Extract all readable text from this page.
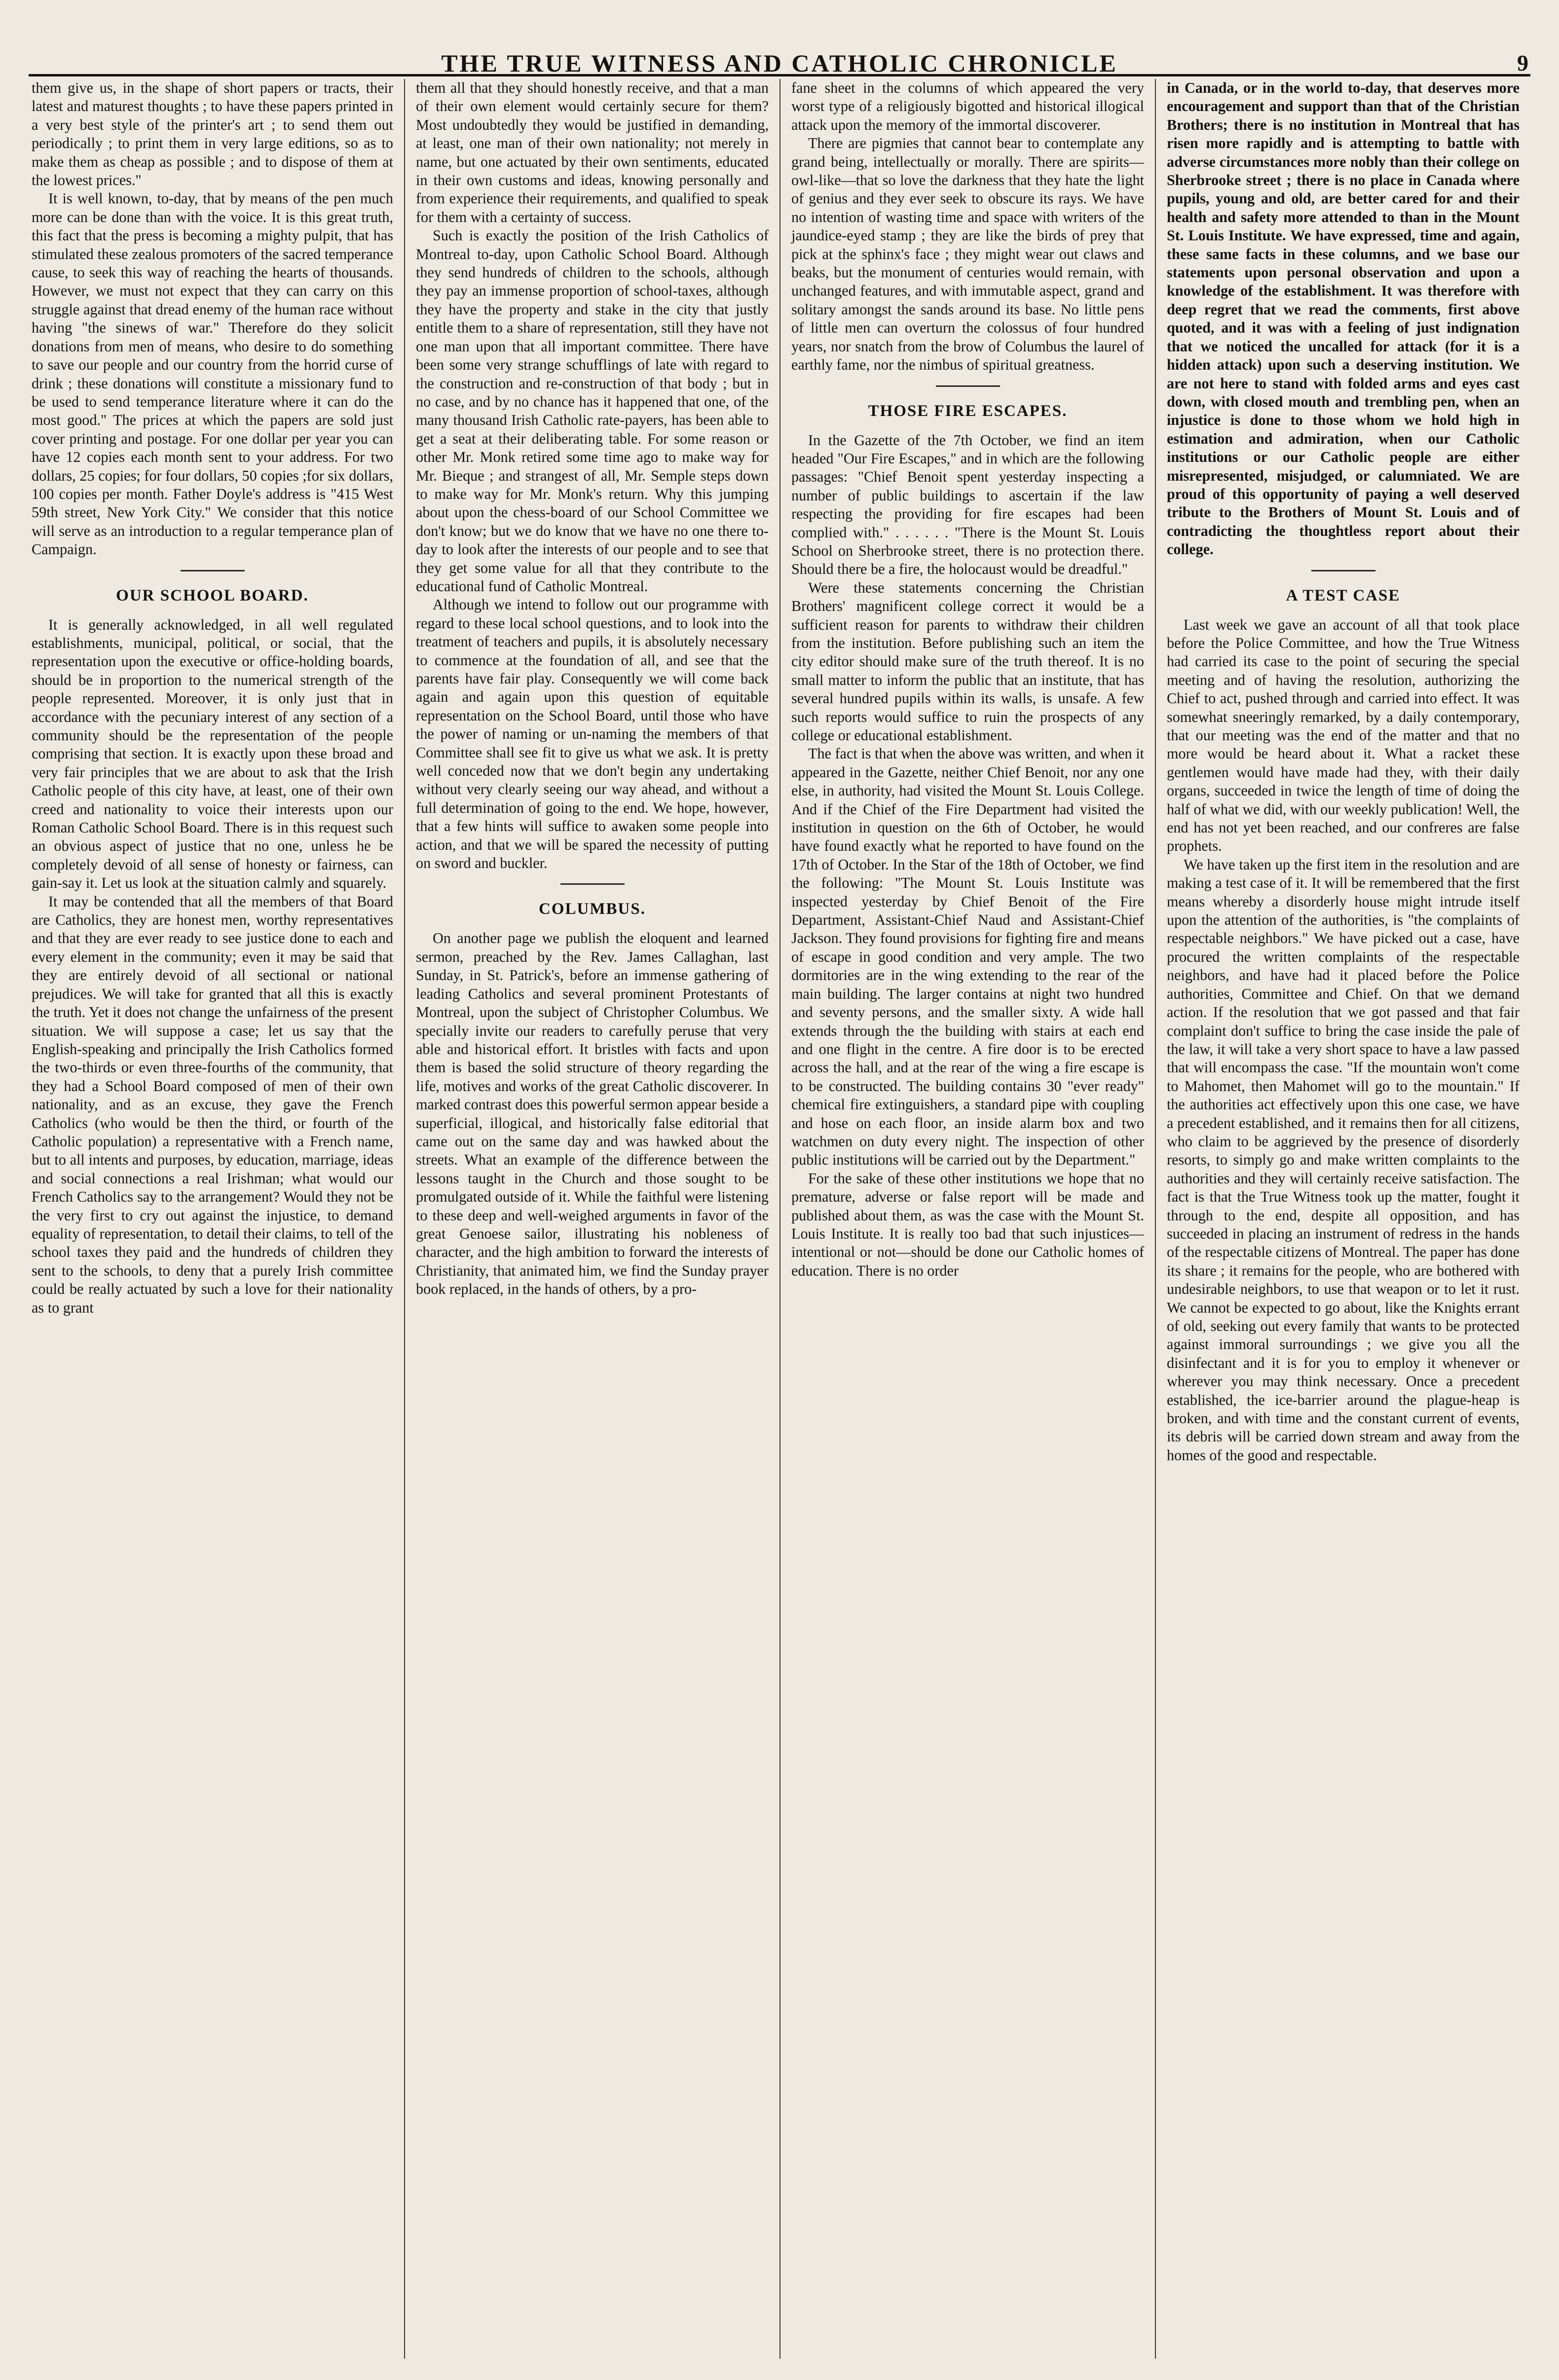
THE TRUE WITNESS AND CATHOLIC CHRONICLE	9

them give us, in the shape of short papers or tracts, their latest and maturest thoughts ; to have these papers printed in a very best style of the printer's art ; to send them out periodically ; to print them in very large editions, so as to make them as cheap as possible ; and to dispose of them at the lowest prices."

It is well known, to-day, that by means of the pen much more can be done than with the voice. It is this great truth, this fact that the press is becoming a mighty pulpit, that has stimulated these zealous promoters of the sacred temperance cause, to seek this way of reaching the hearts of thousands. However, we must not expect that they can carry on this struggle against that dread enemy of the human race without having "the sinews of war." Therefore do they solicit donations from men of means, who desire to do something to save our people and our country from the horrid curse of drink ; these donations will constitute a missionary fund to be used to send temperance literature where it can do the most good." The prices at which the papers are sold just cover printing and postage. For one dollar per year you can have 12 copies each month sent to your address. For two dollars, 25 copies; for four dollars, 50 copies ;for six dollars, 100 copies per month. Father Doyle's address is "415 West 59th street, New York City." We consider that this notice will serve as an introduction to a regular temperance plan of Campaign.

OUR SCHOOL BOARD.

It is generally acknowledged, in all well regulated establishments, municipal, political, or social, that the representation upon the executive or office-holding boards, should be in proportion to the numerical strength of the people represented. Moreover, it is only just that in accordance with the pecuniary interest of any section of a community should be the representation of the people comprising that section. It is exactly upon these broad and very fair principles that we are about to ask that the Irish Catholic people of this city have, at least, one of their own creed and nationality to voice their interests upon our Roman Catholic School Board. There is in this request such an obvious aspect of justice that no one, unless he be completely devoid of all sense of honesty or fairness, can gain-say it. Let us look at the situation calmly and squarely.

It may be contended that all the members of that Board are Catholics, they are honest men, worthy representatives and that they are ever ready to see justice done to each and every element in the community; even it may be said that they are entirely devoid of all sectional or national prejudices. We will take for granted that all this is exactly the truth. Yet it does not change the unfairness of the present situation. We will suppose a case; let us say that the English-speaking and principally the Irish Catholics formed the two-thirds or even three-fourths of the community, that they had a School Board composed of men of their own nationality, and as an excuse, they gave the French Catholics (who would be then the third, or fourth of the Catholic population) a representative with a French name, but to all intents and purposes, by education, marriage, ideas and social connections a real Irishman; what would our French Catholics say to the arrangement? Would they not be the very first to cry out against the injustice, to demand equality of representation, to detail their claims, to tell of the school taxes they paid and the hundreds of children they sent to the schools, to deny that a purely Irish committee could be really actuated by such a love for their nationality as to grant

them all that they should honestly receive, and that a man of their own element would certainly secure for them? Most undoubtedly they would be justified in demanding, at least, one man of their own nationality; not merely in name, but one actuated by their own sentiments, educated in their own customs and ideas, knowing personally and from experience their requirements, and qualified to speak for them with a certainty of success.

Such is exactly the position of the Irish Catholics of Montreal to-day, upon Catholic School Board. Although they send hundreds of children to the schools, although they pay an immense proportion of school-taxes, although they have the property and stake in the city that justly entitle them to a share of representation, still they have not one man upon that all important committee. There have been some very strange schufflings of late with regard to the construction and re-construction of that body ; but in no case, and by no chance has it happened that one, of the many thousand Irish Catholic rate-payers, has been able to get a seat at their deliberating table. For some reason or other Mr. Monk retired some time ago to make way for Mr. Bieque ; and strangest of all, Mr. Semple steps down to make way for Mr. Monk's return. Why this jumping about upon the chess-board of our School Committee we don't know; but we do know that we have no one there to-day to look after the interests of our people and to see that they get some value for all that they contribute to the educational fund of Catholic Montreal.

Although we intend to follow out our programme with regard to these local school questions, and to look into the treatment of teachers and pupils, it is absolutely necessary to commence at the foundation of all, and see that the parents have fair play. Consequently we will come back again and again upon this question of equitable representation on the School Board, until those who have the power of naming or un-naming the members of that Committee shall see fit to give us what we ask. It is pretty well conceded now that we don't begin any undertaking without very clearly seeing our way ahead, and without a full determination of going to the end. We hope, however, that a few hints will suffice to awaken some people into action, and that we will be spared the necessity of putting on sword and buckler.

COLUMBUS.

On another page we publish the eloquent and learned sermon, preached by the Rev. James Callaghan, last Sunday, in St. Patrick's, before an immense gathering of leading Catholics and several prominent Protestants of Montreal, upon the subject of Christopher Columbus. We specially invite our readers to carefully peruse that very able and historical effort. It bristles with facts and upon them is based the solid structure of theory regarding the life, motives and works of the great Catholic discoverer. In marked contrast does this powerful sermon appear beside a superficial, illogical, and historically false editorial that came out on the same day and was hawked about the streets. What an example of the difference between the lessons taught in the Church and those sought to be promulgated outside of it. While the faithful were listening to these deep and well-weighed arguments in favor of the great Genoese sailor, illustrating his nobleness of character, and the high ambition to forward the interests of Christianity, that animated him, we find the Sunday prayer book replaced, in the hands of others, by a pro-

fane sheet in the columns of which appeared the very worst type of a religiously bigotted and historical illogical attack upon the memory of the immortal discoverer.

There are pigmies that cannot bear to contemplate any grand being, intellectually or morally. There are spirits—owl-like—that so love the darkness that they hate the light of genius and they ever seek to obscure its rays. We have no intention of wasting time and space with writers of the jaundice-eyed stamp ; they are like the birds of prey that pick at the sphinx's face ; they might wear out claws and beaks, but the monument of centuries would remain, with unchanged features, and with immutable aspect, grand and solitary amongst the sands around its base. No little pens of little men can overturn the colossus of four hundred years, nor snatch from the brow of Columbus the laurel of earthly fame, nor the nimbus of spiritual greatness.

THOSE FIRE ESCAPES.

In the Gazette of the 7th October, we find an item headed "Our Fire Escapes," and in which are the following passages: "Chief Benoit spent yesterday inspecting a number of public buildings to ascertain if the law respecting the providing for fire escapes had been complied with." . . . . . . "There is the Mount St. Louis School on Sherbrooke street, there is no protection there. Should there be a fire, the holocaust would be dreadful."

Were these statements concerning the Christian Brothers' magnificent college correct it would be a sufficient reason for parents to withdraw their children from the institution. Before publishing such an item the city editor should make sure of the truth thereof. It is no small matter to inform the public that an institute, that has several hundred pupils within its walls, is unsafe. A few such reports would suffice to ruin the prospects of any college or educational establishment.

The fact is that when the above was written, and when it appeared in the Gazette, neither Chief Benoit, nor any one else, in authority, had visited the Mount St. Louis College. And if the Chief of the Fire Department had visited the institution in question on the 6th of October, he would have found exactly what he reported to have found on the 17th of October. In the Star of the 18th of October, we find the following: "The Mount St. Louis Institute was inspected yesterday by Chief Benoit of the Fire Department, Assistant-Chief Naud and Assistant-Chief Jackson. They found provisions for fighting fire and means of escape in good condition and very ample. The two dormitories are in the wing extending to the rear of the main building. The larger contains at night two hundred and seventy persons, and the smaller sixty. A wide hall extends through the the building with stairs at each end and one flight in the centre. A fire door is to be erected across the hall, and at the rear of the wing a fire escape is to be constructed. The building contains 30 "ever ready" chemical fire extinguishers, a standard pipe with coupling and hose on each floor, an inside alarm box and two watchmen on duty every night. The inspection of other public institutions will be carried out by the Department."

For the sake of these other institutions we hope that no premature, adverse or false report will be made and published about them, as was the case with the Mount St. Louis Institute. It is really too bad that such injustices—intentional or not—should be done our Catholic homes of education. There is no order

in Canada, or in the world to-day, that deserves more encouragement and support than that of the Christian Brothers; there is no institution in Montreal that has risen more rapidly and is attempting to battle with adverse circumstances more nobly than their college on Sherbrooke street ; there is no place in Canada where pupils, young and old, are better cared for and their health and safety more attended to than in the Mount St. Louis Institute. We have expressed, time and again, these same facts in these columns, and we base our statements upon personal observation and upon a knowledge of the establishment. It was therefore with deep regret that we read the comments, first above quoted, and it was with a feeling of just indignation that we noticed the uncalled for attack (for it is a hidden attack) upon such a deserving institution. We are not here to stand with folded arms and eyes cast down, with closed mouth and trembling pen, when an injustice is done to those whom we hold high in estimation and admiration, when our Catholic institutions or our Catholic people are either misrepresented, misjudged, or calumniated. We are proud of this opportunity of paying a well deserved tribute to the Brothers of Mount St. Louis and of contradicting the thoughtless report about their college.

A TEST CASE

Last week we gave an account of all that took place before the Police Committee, and how the True Witness had carried its case to the point of securing the special meeting and of having the resolution, authorizing the Chief to act, pushed through and carried into effect. It was somewhat sneeringly remarked, by a daily contemporary, that our meeting was the end of the matter and that no more would be heard about it. What a racket these gentlemen would have made had they, with their daily organs, succeeded in twice the length of time of doing the half of what we did, with our weekly publication! Well, the end has not yet been reached, and our confreres are false prophets.

We have taken up the first item in the resolution and are making a test case of it. It will be remembered that the first means whereby a disorderly house might intrude itself upon the attention of the authorities, is "the complaints of respectable neighbors." We have picked out a case, have procured the written complaints of the respectable neighbors, and have had it placed before the Police authorities, Committee and Chief. On that we demand action. If the resolution that we got passed and that fair complaint don't suffice to bring the case inside the pale of the law, it will take a very short space to have a law passed that will encompass the case. "If the mountain won't come to Mahomet, then Mahomet will go to the mountain." If the authorities act effectively upon this one case, we have a precedent established, and it remains then for all citizens, who claim to be aggrieved by the presence of disorderly resorts, to simply go and make written complaints to the authorities and they will certainly receive satisfaction. The fact is that the True Witness took up the matter, fought it through to the end, despite all opposition, and has succeeded in placing an instrument of redress in the hands of the respectable citizens of Montreal. The paper has done its share ; it remains for the people, who are bothered with undesirable neighbors, to use that weapon or to let it rust. We cannot be expected to go about, like the Knights errant of old, seeking out every family that wants to be protected against immoral surroundings ; we give you all the disinfectant and it is for you to employ it whenever or wherever you may think necessary. Once a precedent established, the ice-barrier around the plague-heap is broken, and with time and the constant current of events, its debris will be carried down stream and away from the homes of the good and respectable.
